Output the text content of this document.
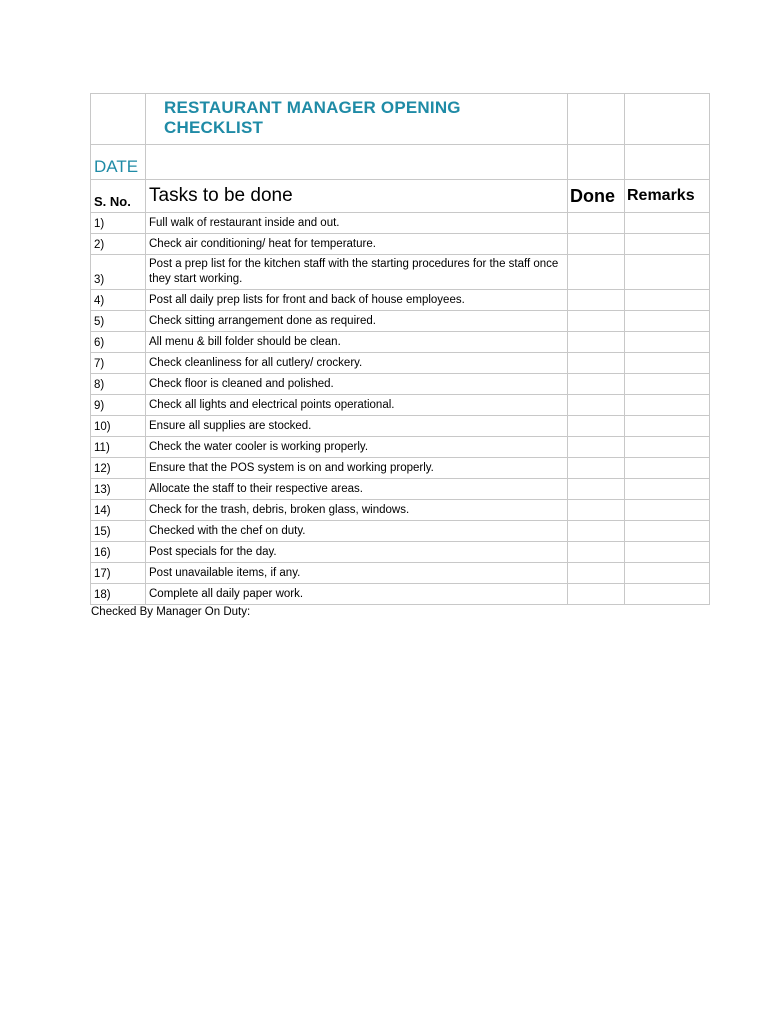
	RESTAURANT MANAGER OPENING CHECKLIST		
DATE			
S. No.	Tasks to be done	Done	Remarks
1)	Full walk of restaurant inside and out.		
2)	Check air conditioning/ heat for temperature.		
3)	Post a prep list for the kitchen staff with the starting procedures for the staff once they start working.		
4)	Post all daily prep lists for front and back of house employees.		
5)	Check sitting arrangement done as required.		
6)	All menu & bill folder should be clean.		
7)	Check cleanliness for all cutlery/ crockery.		
8)	Check floor is cleaned and polished.		
9)	Check all lights and electrical points operational.		
10)	Ensure all supplies are stocked.		
11)	Check the water cooler is working properly.		
12)	Ensure that the POS system is on and working properly.		
13)	Allocate the staff to their respective areas.		
14)	Check for the trash, debris, broken glass, windows.		
15)	Checked with the chef on duty.		
16)	Post specials for the day.		
17)	Post unavailable items, if any.		
18)	Complete all daily paper work.		
Checked By Manager On Duty:
